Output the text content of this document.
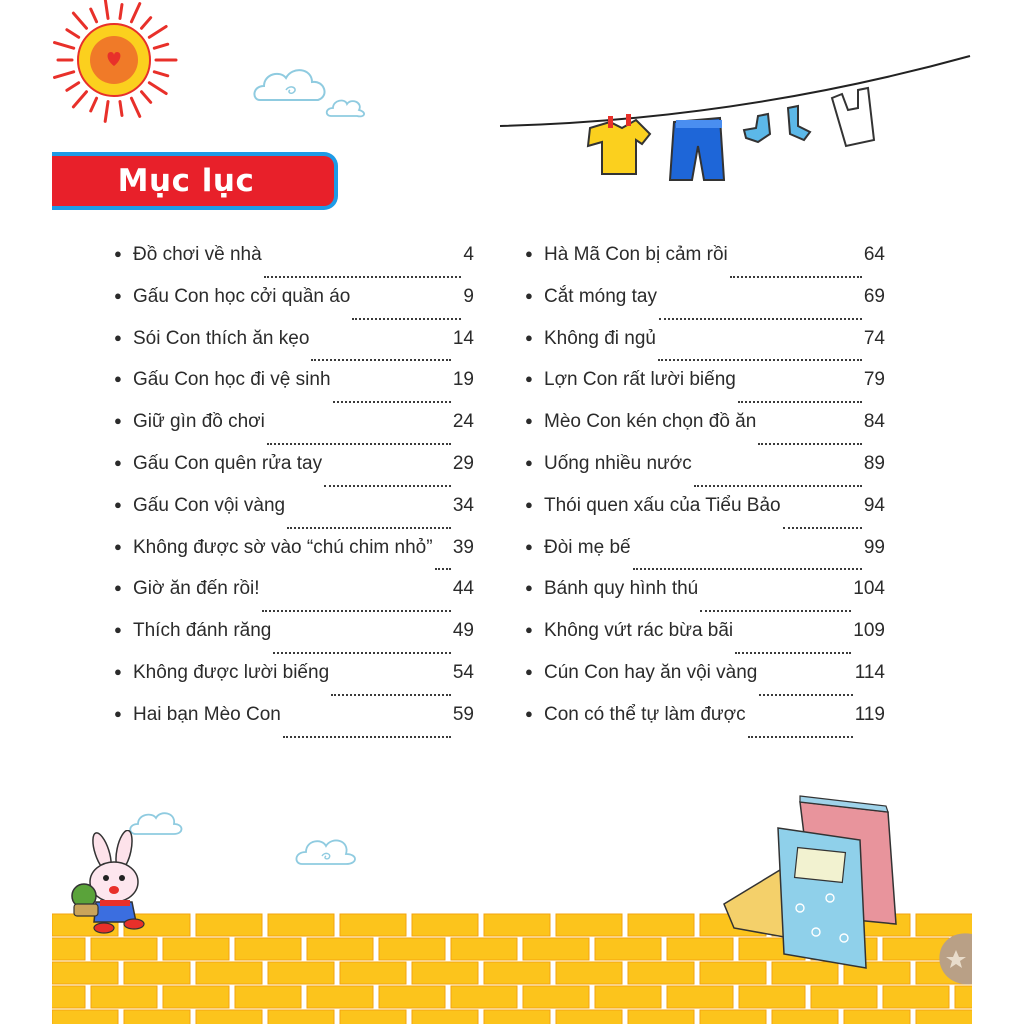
Mục lục
● Đồ chơi về nhà	4
● Gấu Con học cởi quần áo	9
● Sói Con thích ăn kẹo	14
● Gấu Con học đi vệ sinh	19
● Giữ gìn đồ chơi	24
● Gấu Con quên rửa tay	29
● Gấu Con vội vàng	34
● Không được sờ vào “chú chim nhỏ” 39
● Giờ ăn đến rồi!	44
● Thích đánh răng	49
● Không được lười biếng	54
● Hai bạn Mèo Con	59
● Hà Mã Con bị cảm rồi	64
● Cắt móng tay	69
● Không đi ngủ	74
● Lợn Con rất lười biếng	79
● Mèo Con kén chọn đồ ăn	84
● Uống nhiều nước	89
● Thói quen xấu của Tiểu Bảo	94
● Đòi mẹ bế	99
● Bánh quy hình thú	104
● Không vứt rác bừa bãi	109
● Cún Con hay ăn vội vàng	114
● Con có thể tự làm được	119
